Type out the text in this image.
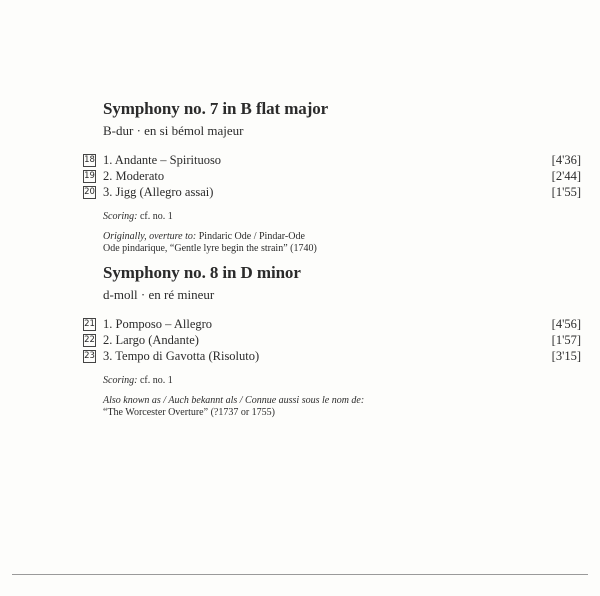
Symphony no. 7 in B flat major
B-dur · en si bémol majeur
18 1. Andante – Spirituoso	[4'36]
19 2. Moderato	[2'44]
20 3. Jigg (Allegro assai)	[1'55]
Scoring: cf. no. 1
Originally, overture to: Pindaric Ode / Pindar-Ode
Ode pindarique, “Gentle lyre begin the strain” (1740)
Symphony no. 8 in D minor
d-moll · en ré mineur
21 1. Pomposo – Allegro	[4'56]
22 2. Largo (Andante)	[1'57]
23 3. Tempo di Gavotta (Risoluto)	[3'15]
Scoring: cf. no. 1
Also known as / Auch bekannt als / Connue aussi sous le nom de:
“The Worcester Overture” (?1737 or 1755)
